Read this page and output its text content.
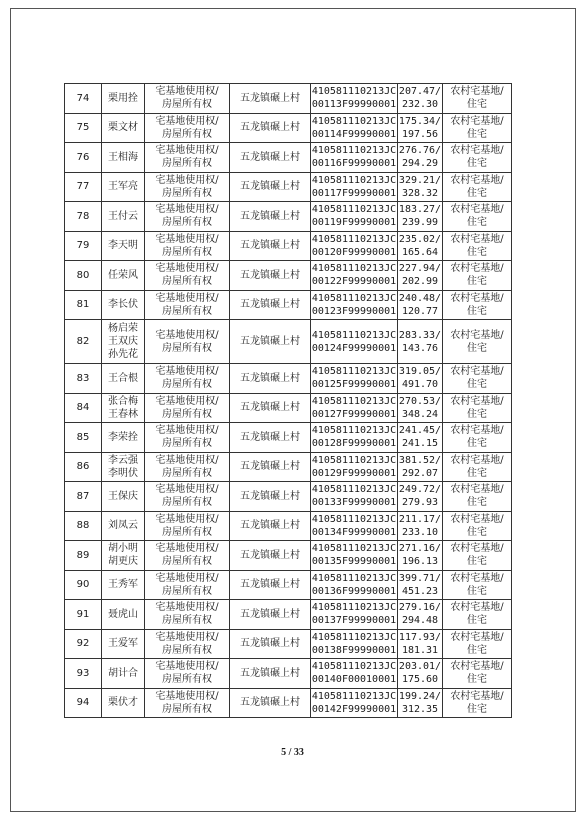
74	栗用拴	宅基地使用权/
房屋所有权	五龙镇碾上村	410581110213JC
00113F99990001	207.47/
232.30	农村宅基地/
住宅

75	栗文材	宅基地使用权/
房屋所有权	五龙镇碾上村	410581110213JC
00114F99990001	175.34/
197.56	农村宅基地/
住宅

76	王相海	宅基地使用权/
房屋所有权	五龙镇碾上村	410581110213JC
00116F99990001	276.76/
294.29	农村宅基地/
住宅

77	王军亮	宅基地使用权/
房屋所有权	五龙镇碾上村	410581110213JC
00117F99990001	329.21/
328.32	农村宅基地/
住宅

78	王付云	宅基地使用权/
房屋所有权	五龙镇碾上村	410581110213JC
00119F99990001	183.27/
239.99	农村宅基地/
住宅

79	李天明	宅基地使用权/
房屋所有权	五龙镇碾上村	410581110213JC
00120F99990001	235.02/
165.64	农村宅基地/
住宅

80	任荣风	宅基地使用权/
房屋所有权	五龙镇碾上村	410581110213JC
00122F99990001	227.94/
202.99	农村宅基地/
住宅

81	李长伏	宅基地使用权/
房屋所有权	五龙镇碾上村	410581110213JC
00123F99990001	240.48/
120.77	农村宅基地/
住宅

82	杨启荣
王双庆
孙先花	宅基地使用权/
房屋所有权	五龙镇碾上村	410581110213JC
00124F99990001	283.33/
143.76	农村宅基地/
住宅

83	王合根	宅基地使用权/
房屋所有权	五龙镇碾上村	410581110213JC
00125F99990001	319.05/
491.70	农村宅基地/
住宅

84	张合梅
王春林	宅基地使用权/
房屋所有权	五龙镇碾上村	410581110213JC
00127F99990001	270.53/
348.24	农村宅基地/
住宅

85	李荣拴	宅基地使用权/
房屋所有权	五龙镇碾上村	410581110213JC
00128F99990001	241.45/
241.15	农村宅基地/
住宅

86	李云强
李明伏	宅基地使用权/
房屋所有权	五龙镇碾上村	410581110213JC
00129F99990001	381.52/
292.07	农村宅基地/
住宅

87	王保庆	宅基地使用权/
房屋所有权	五龙镇碾上村	410581110213JC
00133F99990001	249.72/
279.93	农村宅基地/
住宅

88	刘凤云	宅基地使用权/
房屋所有权	五龙镇碾上村	410581110213JC
00134F99990001	211.17/
233.10	农村宅基地/
住宅

89	胡小明
胡更庆	宅基地使用权/
房屋所有权	五龙镇碾上村	410581110213JC
00135F99990001	271.16/
196.13	农村宅基地/
住宅

90	王秀军	宅基地使用权/
房屋所有权	五龙镇碾上村	410581110213JC
00136F99990001	399.71/
451.23	农村宅基地/
住宅

91	聂虎山	宅基地使用权/
房屋所有权	五龙镇碾上村	410581110213JC
00137F99990001	279.16/
294.48	农村宅基地/
住宅

92	王爱军	宅基地使用权/
房屋所有权	五龙镇碾上村	410581110213JC
00138F99990001	117.93/
181.31	农村宅基地/
住宅

93	胡计合	宅基地使用权/
房屋所有权	五龙镇碾上村	410581110213JC
00140F00010001	203.01/
175.60	农村宅基地/
住宅

94	栗伏才	宅基地使用权/
房屋所有权	五龙镇碾上村	410581110213JC
00142F99990001	199.24/
312.35	农村宅基地/
住宅
5 / 33
